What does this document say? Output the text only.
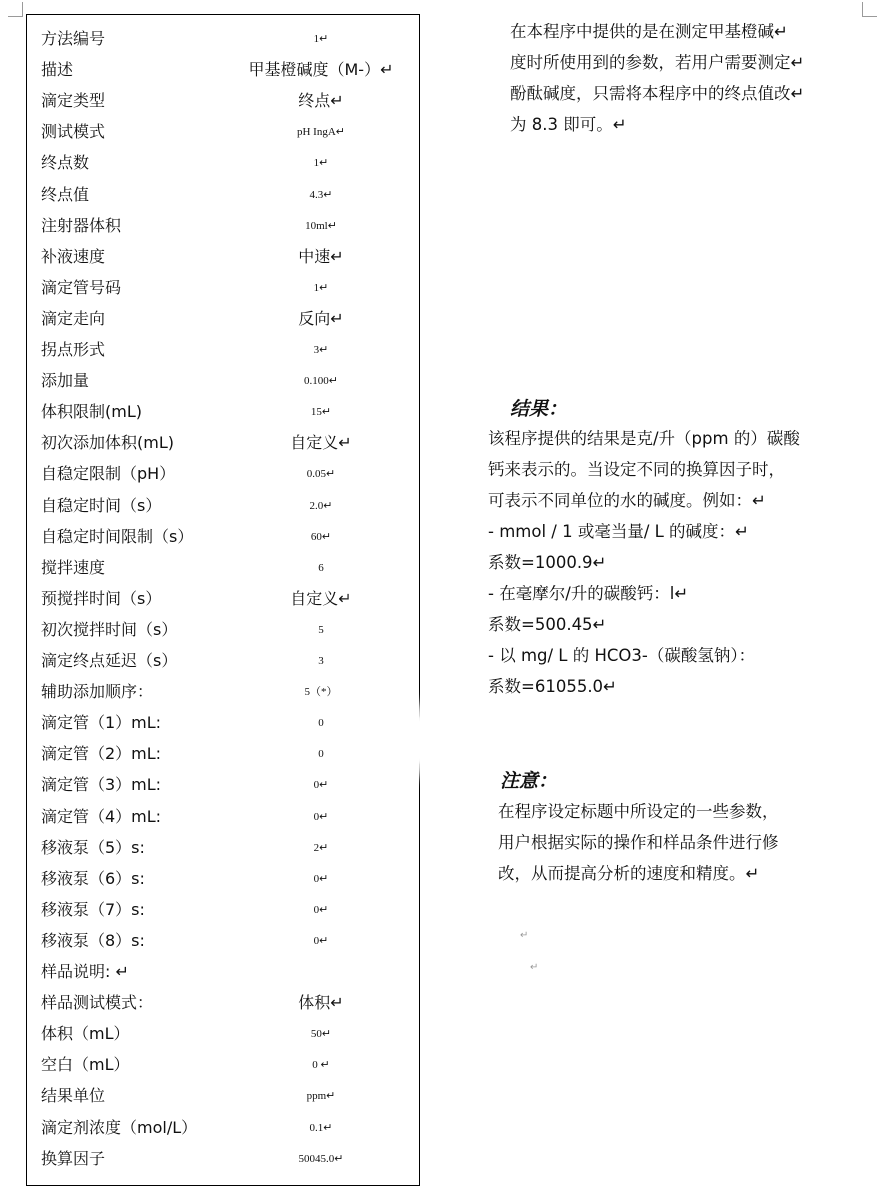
方法编号	1↵
描述	甲基橙碱度（M-）↵
滴定类型	终点↵
测试模式	pH IngA↵
终点数	1↵
终点值	4.3↵
注射器体积	10ml↵
补液速度	中速↵
滴定管号码	1↵
滴定走向	反向↵
拐点形式	3↵
添加量	0.100↵
体积限制(mL)	15↵
初次添加体积(mL)	自定义↵
自稳定限制（pH）	0.05↵
自稳定时间（s）	2.0↵
自稳定时间限制（s）	60↵
搅拌速度	6
预搅拌时间（s）	自定义↵
初次搅拌时间（s）	5
滴定终点延迟（s）	3
辅助添加顺序：	5（*）
滴定管（1）mL:	0
滴定管（2）mL:	0
滴定管（3）mL:	0↵
滴定管（4）mL:	0↵
移液泵（5）s:	2↵
移液泵（6）s:	0↵
移液泵（7）s:	0↵
移液泵（8）s:	0↵
样品说明: ↵
样品测试模式：	体积↵
体积（mL）	50↵
空白（mL）	0 ↵
结果单位	ppm↵
滴定剂浓度（mol/L）	0.1↵
换算因子	50045.0↵
在本程序中提供的是在测定甲基橙碱↵
度时所使用到的参数，若用户需要测定↵
酚酞碱度，只需将本程序中的终点值改↵
为 8.3 即可。↵
结果：
该程序提供的结果是克/升（ppm 的）碳酸
钙来表示的。当设定不同的换算因子时，
可表示不同单位的水的碱度。例如：↵
- mmol / 1 或毫当量/ L 的碱度：↵
系数=1000.9↵
- 在毫摩尔/升的碳酸钙：l↵
系数=500.45↵
- 以 mg/ L 的 HCO3-（碳酸氢钠）：
系数=61055.0↵
注意：
在程序设定标题中所设定的一些参数，
用户根据实际的操作和样品条件进行修
改，从而提高分析的速度和精度。↵
↵
↵
